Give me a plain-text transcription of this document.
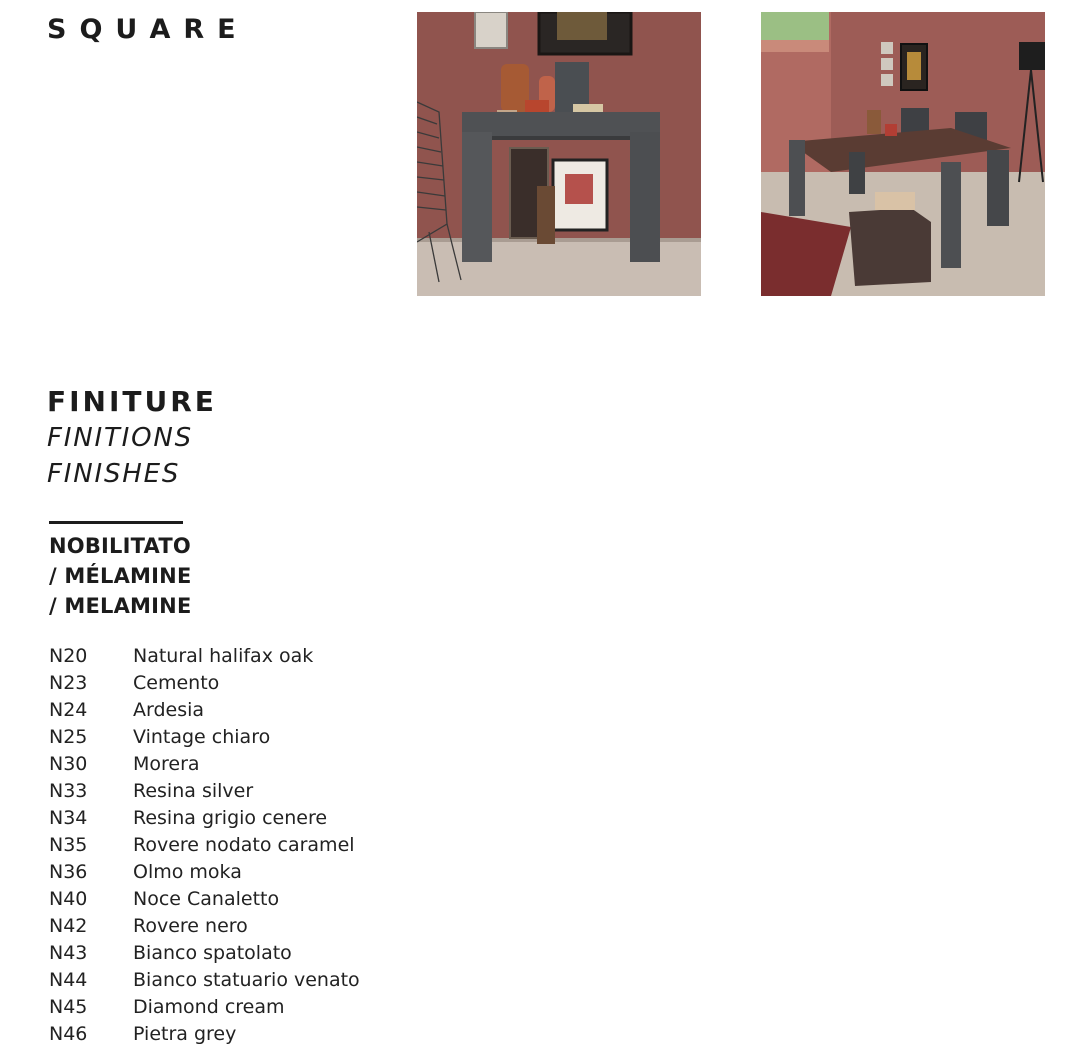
SQUARE
FINITURE
FINITIONS
FINISHES
NOBILITATO
/ MÉLAMINE
/ MELAMINE
N20 Natural halifax oak
N23 Cemento
N24 Ardesia
N25 Vintage chiaro
N30 Morera
N33 Resina silver
N34 Resina grigio cenere
N35 Rovere nodato caramel
N36 Olmo moka
N40 Noce Canaletto
N42 Rovere nero
N43 Bianco spatolato
N44 Bianco statuario venato
N45 Diamond cream
N46 Pietra grey
